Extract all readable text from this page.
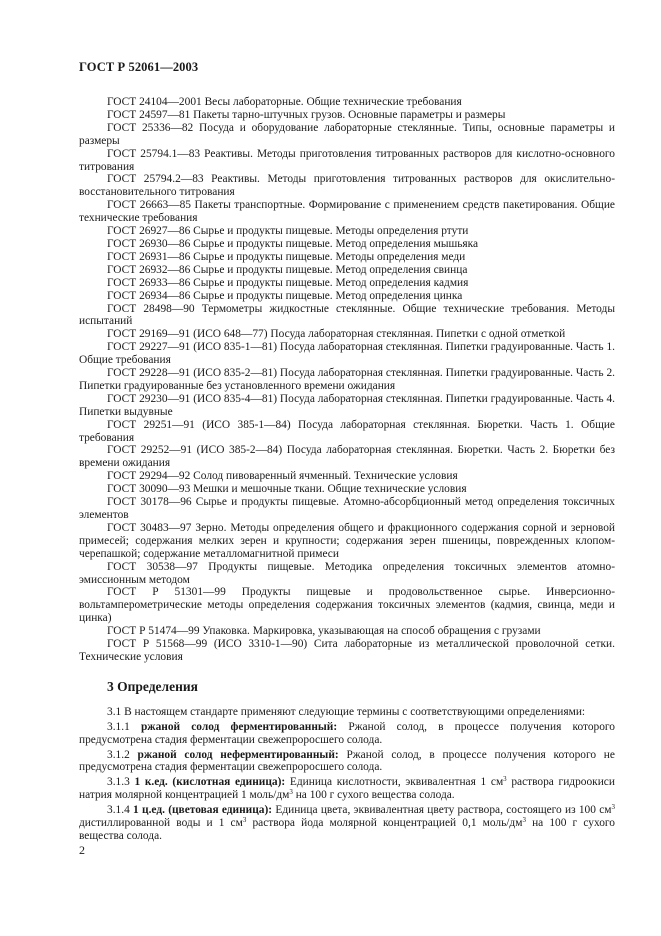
ГОСТ Р 52061—2003

ГОСТ 24104—2001 Весы лабораторные. Общие технические требования

ГОСТ 24597—81 Пакеты тарно-штучных грузов. Основные параметры и размеры

ГОСТ 25336—82 Посуда и оборудование лабораторные стеклянные. Типы, основные параметры и размеры

ГОСТ 25794.1—83 Реактивы. Методы приготовления титрованных растворов для кислотно-основного титрования

ГОСТ 25794.2—83 Реактивы. Методы приготовления титрованных растворов для окислительно-восстановительного титрования

ГОСТ 26663—85 Пакеты транспортные. Формирование с применением средств пакетирования. Общие технические требования

ГОСТ 26927—86 Сырье и продукты пищевые. Методы определения ртути

ГОСТ 26930—86 Сырье и продукты пищевые. Метод определения мышьяка

ГОСТ 26931—86 Сырье и продукты пищевые. Методы определения меди

ГОСТ 26932—86 Сырье и продукты пищевые. Метод определения свинца

ГОСТ 26933—86 Сырье и продукты пищевые. Метод определения кадмия

ГОСТ 26934—86 Сырье и продукты пищевые. Метод определения цинка

ГОСТ 28498—90 Термометры жидкостные стеклянные. Общие технические требования. Методы испытаний

ГОСТ 29169—91 (ИСО 648—77) Посуда лабораторная стеклянная. Пипетки с одной отметкой

ГОСТ 29227—91 (ИСО 835-1—81) Посуда лабораторная стеклянная. Пипетки градуированные. Часть 1. Общие требования

ГОСТ 29228—91 (ИСО 835-2—81) Посуда лабораторная стеклянная. Пипетки градуированные. Часть 2. Пипетки градуированные без установленного времени ожидания

ГОСТ 29230—91 (ИСО 835-4—81) Посуда лабораторная стеклянная. Пипетки градуированные. Часть 4. Пипетки выдувные

ГОСТ 29251—91 (ИСО 385-1—84) Посуда лабораторная стеклянная. Бюретки. Часть 1. Общие требования

ГОСТ 29252—91 (ИСО 385-2—84) Посуда лабораторная стеклянная. Бюретки. Часть 2. Бюретки без времени ожидания

ГОСТ 29294—92 Солод пивоваренный ячменный. Технические условия

ГОСТ 30090—93 Мешки и мешочные ткани. Общие технические условия

ГОСТ 30178—96 Сырье и продукты пищевые. Атомно-абсорбционный метод определения токсичных элементов

ГОСТ 30483—97 Зерно. Методы определения общего и фракционного содержания сорной и зерновой примесей; содержания мелких зерен и крупности; содержания зерен пшеницы, поврежденных клопом-черепашкой; содержание металломагнитной примеси

ГОСТ 30538—97 Продукты пищевые. Методика определения токсичных элементов атомно-эмиссионным методом

ГОСТ Р 51301—99 Продукты пищевые и продовольственное сырье. Инверсионно-вольтамперометрические методы определения содержания токсичных элементов (кадмия, свинца, меди и цинка)

ГОСТ Р 51474—99 Упаковка. Маркировка, указывающая на способ обращения с грузами

ГОСТ Р 51568—99 (ИСО 3310-1—90) Сита лабораторные из металлической проволочной сетки. Технические условия

3 Определения

3.1 В настоящем стандарте применяют следующие термины с соответствующими определениями:

3.1.1 ржаной солод ферментированный: Ржаной солод, в процессе получения которого предусмотрена стадия ферментации свежепроросшего солода.

3.1.2 ржаной солод неферментированный: Ржаной солод, в процессе получения которого не предусмотрена стадия ферментации свежепроросшего солода.

3.1.3 1 к.ед. (кислотная единица): Единица кислотности, эквивалентная 1 $см^3$ раствора гидроокиси натрия молярной концентрацией 1 моль/$дм^3$ на 100 г сухого вещества солода.

3.1.4 1 ц.ед. (цветовая единица): Единица цвета, эквивалентная цвету раствора, состоящего из 100 $см^3$ дистиллированной воды и 1 $см^3$ раствора йода молярной концентрацией 0,1 моль/$дм^3$ на 100 г сухого вещества солода.

2
